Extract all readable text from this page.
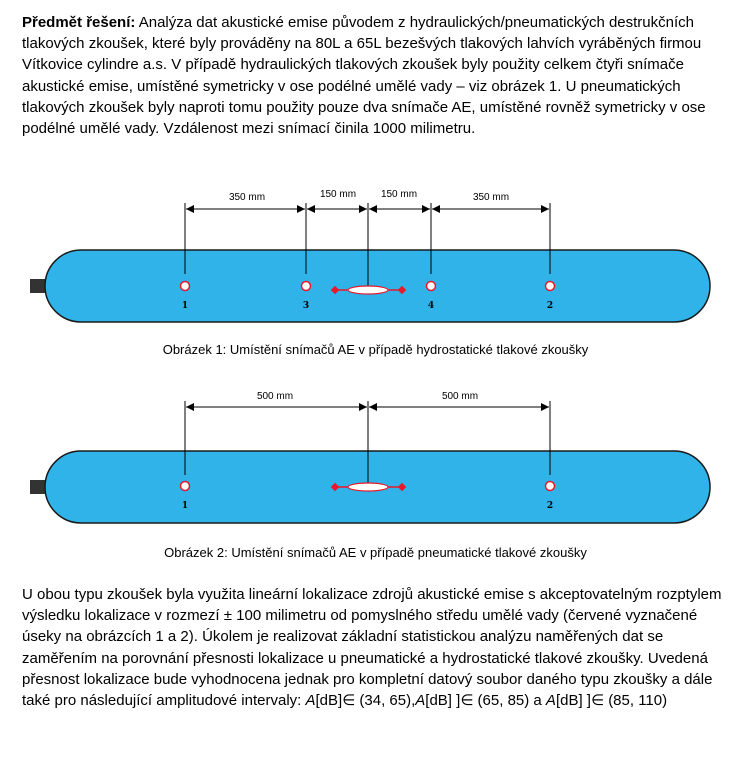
Předmět řešení: Analýza dat akustické emise původem z hydraulických/pneumatických destrukčních tlakových zkoušek, které byly prováděny na 80L a 65L bezešvých tlakových lahvích vyráběných firmou Vítkovice cylindre a.s. V případě hydraulických tlakových zkoušek byly použity celkem čtyři snímače akustické emise, umístěné symetricky v ose podélné umělé vady – viz obrázek 1. U pneumatických tlakových zkoušek byly naproti tomu použity pouze dva snímače AE, umístěné rovněž symetricky v ose podélné umělé vady. Vzdálenost mezi snímací činila 1000 milimetru.

350 mm	150 mm 150 mm	350 mm
1	3	4	2
Obrázek 1: Umístění snímačů AE v případě hydrostatické tlakové zkoušky
500 mm	500 mm
1	2
Obrázek 2: Umístění snímačů AE v případě pneumatické tlakové zkoušky

U obou typu zkoušek byla využita lineární lokalizace zdrojů akustické emise s akceptovatelným rozptylem výsledku lokalizace v rozmezí ± 100 milimetru od pomyslného středu umělé vady (červené vyznačené úseky na obrázcích 1 a 2). Úkolem je realizovat základní statistickou analýzu naměřených dat se zaměřením na porovnání přesnosti lokalizace u pneumatické a hydrostatické tlakové zkoušky. Uvedená přesnost lokalizace bude vyhodnocena jednak pro kompletní datový soubor daného typu zkoušky a dále také pro následující amplitudové intervaly: A[dB]∈ (34, 65),A[dB] ]∈ (65, 85) a A[dB] ]∈ (85, 110)
